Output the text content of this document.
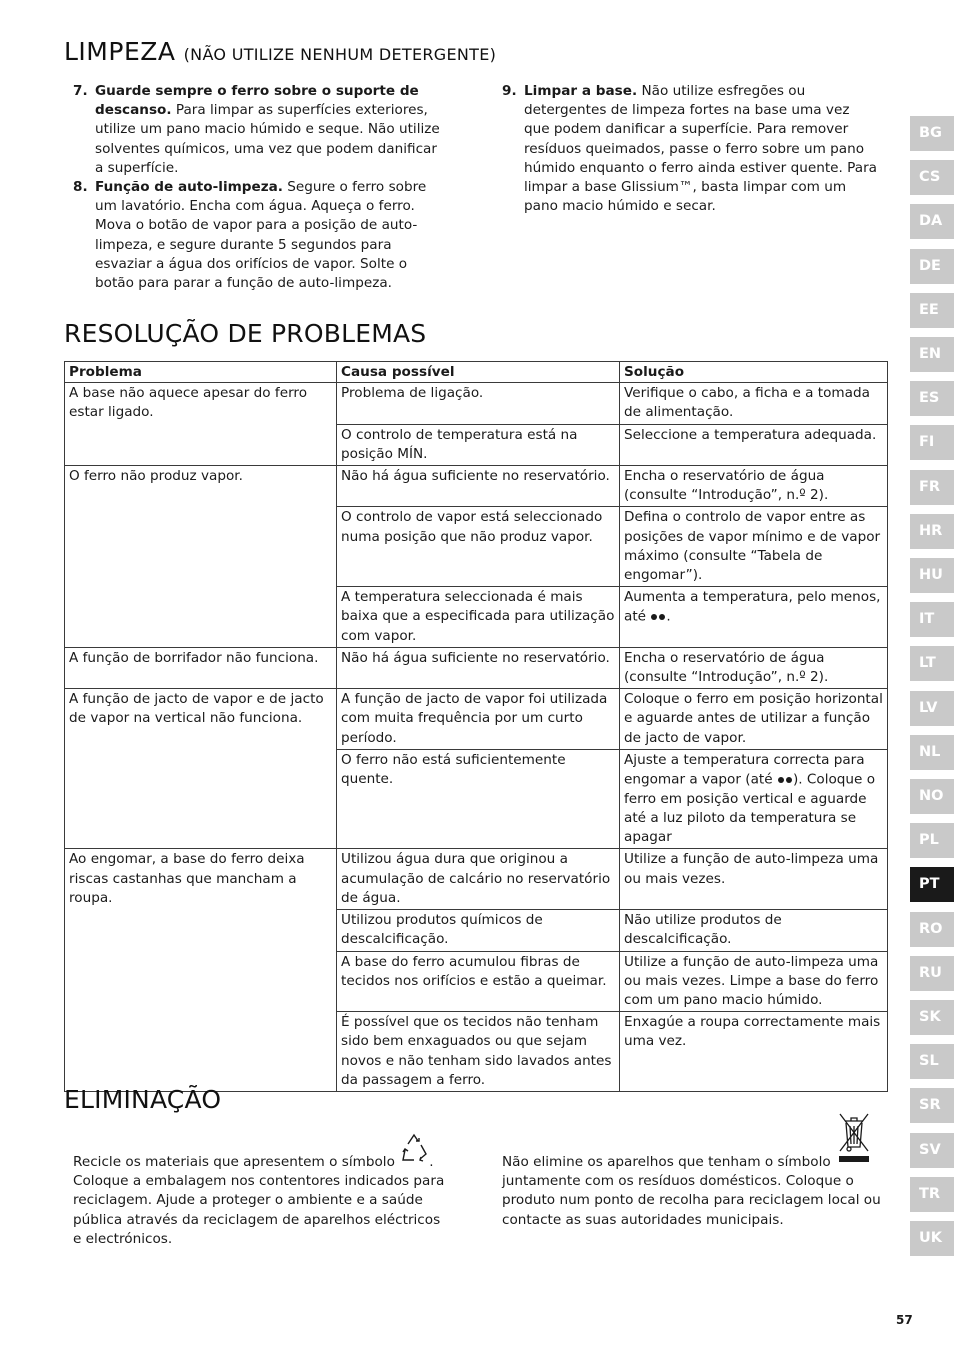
LIMPEZA (NÃO UTILIZE NENHUM DETERGENTE)
7. Guarde sempre o ferro sobre o suporte de descanso. Para limpar as superfícies exteriores, utilize um pano macio húmido e seque. Não utilize solventes químicos, uma vez que podem danificar a superfície.
8. Função de auto-limpeza. Segure o ferro sobre um lavatório. Encha com água. Aqueça o ferro. Mova o botão de vapor para a posição de auto-limpeza, e segure durante 5 segundos para esvaziar a água dos orifícios de vapor. Solte o botão para parar a função de auto-limpeza.
9. Limpar a base. Não utilize esfregões ou detergentes de limpeza fortes na base uma vez que podem danificar a superfície. Para remover resíduos queimados, passe o ferro sobre um pano húmido enquanto o ferro ainda estiver quente. Para limpar a base Glissium™, basta limpar com um pano macio húmido e secar.
RESOLUÇÃO DE PROBLEMAS
Problema	Causa possível	Solução
A base não aquece apesar do ferro estar ligado.	Problema de ligação.	Verifique o cabo, a ficha e a tomada de alimentação.
	O controlo de temperatura está na posição MÍN.	Seleccione a temperatura adequada.
O ferro não produz vapor.	Não há água suficiente no reservatório.	Encha o reservatório de água (consulte “Introdução”, n.º 2).
	O controlo de vapor está seleccionado numa posição que não produz vapor.	Defina o controlo de vapor entre as posições de vapor mínimo e de vapor máximo (consulte “Tabela de engomar”).
	A temperatura seleccionada é mais baixa que a especificada para utilização com vapor.	Aumenta a temperatura, pelo menos, até .
A função de borrifador não funciona.	Não há água suficiente no reservatório.	Encha o reservatório de água (consulte “Introdução”, n.º 2).
A função de jacto de vapor e de jacto de vapor na vertical não funciona.	A função de jacto de vapor foi utilizada com muita frequência por um curto período.	Coloque o ferro em posição horizontal e aguarde antes de utilizar a função de jacto de vapor.
	O ferro não está suficientemente quente.	Ajuste a temperatura correcta para engomar a vapor (até ). Coloque o ferro em posição vertical e aguarde até a luz piloto da temperatura se apagar
Ao engomar, a base do ferro deixa riscas castanhas que mancham a roupa.	Utilizou água dura que originou a acumulação de calcário no reservatório de água.	Utilize a função de auto-limpeza uma ou mais vezes.
	Utilizou produtos químicos de descalcificação.	Não utilize produtos de descalcificação.
	A base do ferro acumulou fibras de tecidos nos orifícios e estão a queimar.	Utilize a função de auto-limpeza uma ou mais vezes. Limpe a base do ferro com um pano macio húmido.
	É possível que os tecidos não tenham sido bem enxaguados ou que sejam novos e não tenham sido lavados antes da passagem a ferro.	Enxagúe a roupa correctamente mais uma vez.
ELIMINAÇÃO
Recicle os materiais que apresentem o símbolo
. Coloque a embalagem nos contentores indicados para reciclagem. Ajude a proteger o ambiente e a saúde pública através da reciclagem de aparelhos eléctricos e electrónicos.
Não elimine os aparelhos que tenham o símbolo
juntamente com os resíduos domésticos. Coloque o produto num ponto de recolha para reciclagem local ou contacte as suas autoridades municipais.
BG
CS
DA
DE
EE
EN
ES
FI
FR
HR
HU
IT
LT
LV
NL
NO
PL
PT
RO
RU
SK
SL
SR
SV
TR
UK
57
